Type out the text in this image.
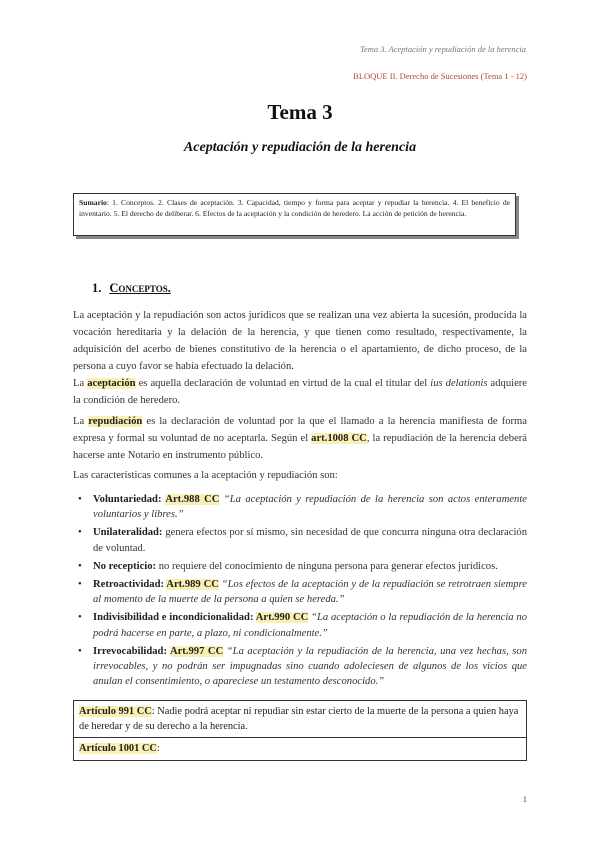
Tema 3. Aceptación y repudiación de la herencia
BLOQUE II. Derecho de Sucesiones (Tema 1 - 12)
Tema 3
Aceptación y repudiación de la herencia
Sumario: 1. Conceptos. 2. Clases de aceptación. 3. Capacidad, tiempo y forma para aceptar y repudiar la herencia. 4. El beneficio de inventario. 5. El derecho de deliberar. 6. Efectos de la aceptación y la condición de heredero. La acción de petición de herencia.
1. Conceptos.
La aceptación y la repudiación son actos jurídicos que se realizan una vez abierta la sucesión, producida la vocación hereditaria y la delación de la herencia, y que tienen como resultado, respectivamente, la adquisición del acerbo de bienes constitutivo de la herencia o el apartamiento, de dicho proceso, de la persona a cuyo favor se había efectuado la delación.
La aceptación es aquella declaración de voluntad en virtud de la cual el titular del ius delationis adquiere la condición de heredero.
La repudiación es la declaración de voluntad por la que el llamado a la herencia manifiesta de forma expresa y formal su voluntad de no aceptarla. Según el art.1008 CC, la repudiación de la herencia deberá hacerse ante Notario en instrumento público.
Las características comunes a la aceptación y repudiación son:
• Voluntariedad: Art.988 CC “La aceptación y repudiación de la herencia son actos enteramente voluntarios y libres.”
• Unilateralidad: genera efectos por sí mismo, sin necesidad de que concurra ninguna otra declaración de voluntad.
• No recepticio: no requiere del conocimiento de ninguna persona para generar efectos jurídicos.
• Retroactividad: Art.989 CC “Los efectos de la aceptación y de la repudiación se retrotraen siempre al momento de la muerte de la persona a quien se hereda.”
• Indivisibilidad e incondicionalidad: Art.990 CC “La aceptación o la repudiación de la herencia no podrá hacerse en parte, a plazo, ni condicionalmente.”
• Irrevocabilidad: Art.997 CC “La aceptación y la repudiación de la herencia, una vez hechas, son irrevocables, y no podrán ser impugnadas sino cuando adoleciesen de algunos de los vicios que anulan el consentimiento, o apareciese un testamento desconocido.”
Artículo 991 CC: Nadie podrá aceptar ni repudiar sin estar cierto de la muerte de la persona a quien haya de heredar y de su derecho a la herencia.
Artículo 1001 CC:
1
